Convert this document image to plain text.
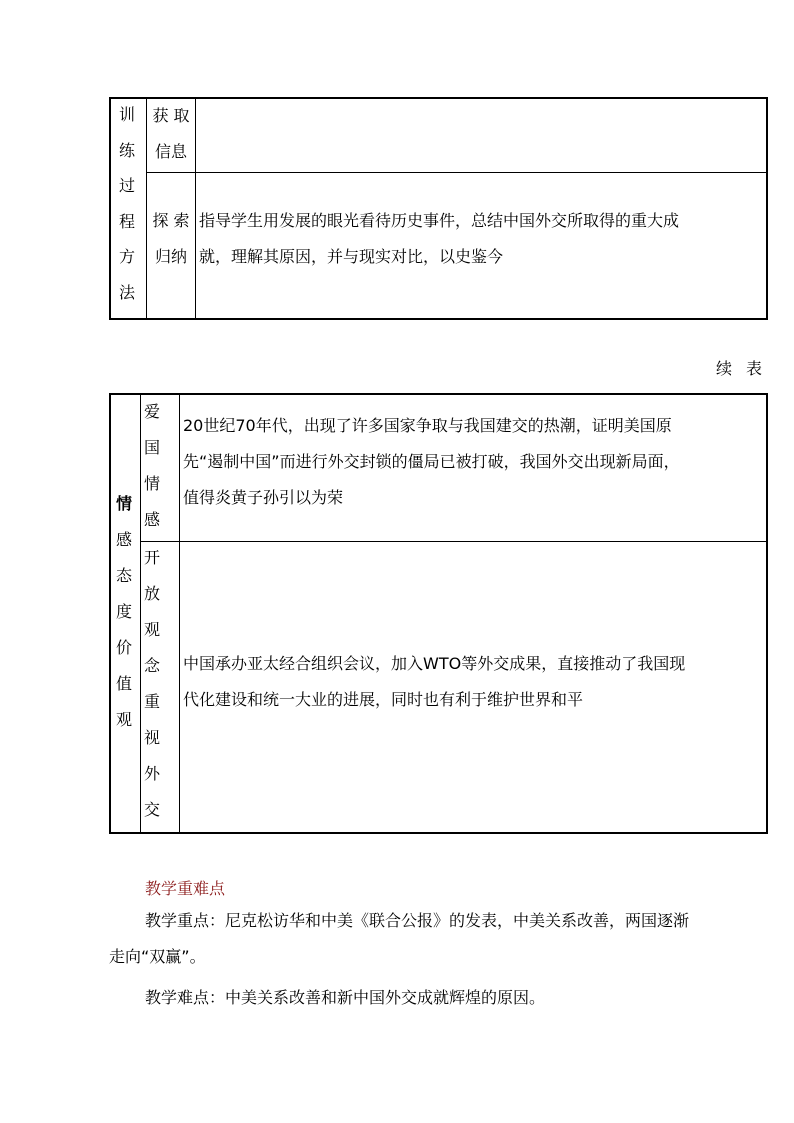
训
练
过
程
方
法
获 取
信息
探 索
归纳
指导学生用发展的眼光看待历史事件，总结中国外交所取得的重大成
就，理解其原因，并与现实对比，以史鉴今
续表
情
感
态
度
价
值
观
爱
国
情
感
20世纪70年代，出现了许多国家争取与我国建交的热潮，证明美国原
先“遏制中国”而进行外交封锁的僵局已被打破，我国外交出现新局面，
值得炎黄子孙引以为荣
开
放
观
念
重
视
外
交
中国承办亚太经合组织会议，加入WTO等外交成果，直接推动了我国现
代化建设和统一大业的进展，同时也有利于维护世界和平
教学重难点
教学重点：尼克松访华和中美《联合公报》的发表，中美关系改善，两国逐渐
走向“双赢”。
教学难点：中美关系改善和新中国外交成就辉煌的原因。
